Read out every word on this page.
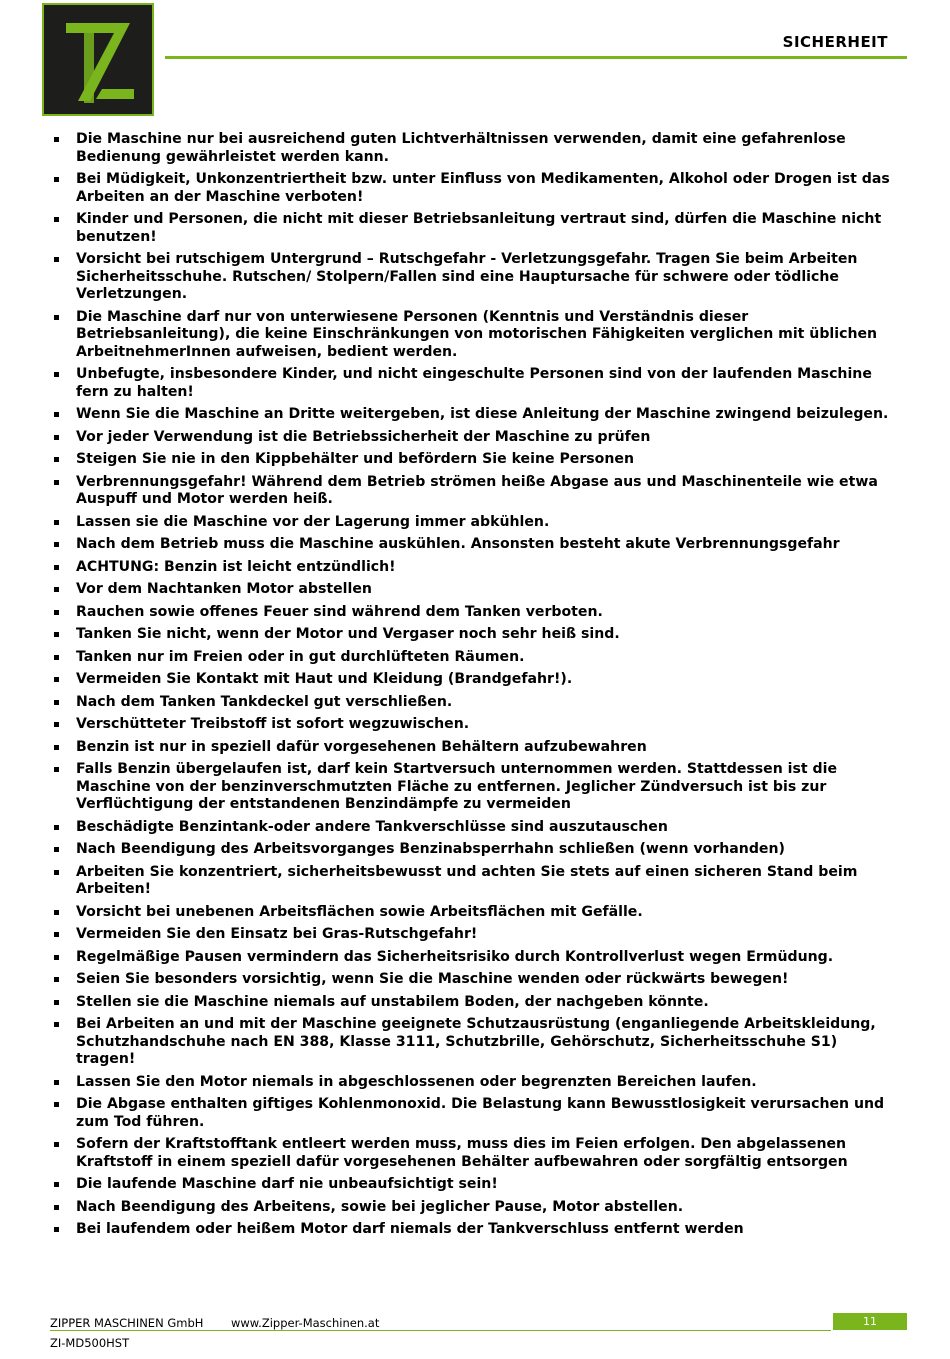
SICHERHEIT
Die Maschine nur bei ausreichend guten Lichtverhältnissen verwenden, damit eine gefahrenlose Bedienung gewährleistet werden kann.
Bei Müdigkeit, Unkonzentriertheit bzw. unter Einfluss von Medikamenten, Alkohol oder Drogen ist das Arbeiten an der Maschine verboten!
Kinder und Personen, die nicht mit dieser Betriebsanleitung vertraut sind, dürfen die Maschine nicht benutzen!
Vorsicht bei rutschigem Untergrund – Rutschgefahr - Verletzungsgefahr. Tragen Sie beim Arbeiten Sicherheitsschuhe. Rutschen/ Stolpern/Fallen sind eine Hauptursache für schwere oder tödliche Verletzungen.
Die Maschine darf nur von unterwiesene Personen (Kenntnis und Verständnis dieser Betriebsanleitung), die keine Einschränkungen von motorischen Fähigkeiten verglichen mit üblichen ArbeitnehmerInnen aufweisen, bedient werden.
Unbefugte, insbesondere Kinder, und nicht eingeschulte Personen sind von der laufenden Maschine fern zu halten!
Wenn Sie die Maschine an Dritte weitergeben, ist diese Anleitung der Maschine zwingend beizulegen.
Vor jeder Verwendung ist die Betriebssicherheit der Maschine zu prüfen
Steigen Sie nie in den Kippbehälter und befördern Sie keine Personen
Verbrennungsgefahr! Während dem Betrieb strömen heiße Abgase aus und Maschinenteile wie etwa Auspuff und Motor werden heiß.
Lassen sie die Maschine vor der Lagerung immer abkühlen.
Nach dem Betrieb muss die Maschine auskühlen. Ansonsten besteht akute Verbrennungsgefahr
ACHTUNG: Benzin ist leicht entzündlich!
Vor dem Nachtanken Motor abstellen
Rauchen sowie offenes Feuer sind während dem Tanken verboten.
Tanken Sie nicht, wenn der Motor und Vergaser noch sehr heiß sind.
Tanken nur im Freien oder in gut durchlüfteten Räumen.
Vermeiden Sie Kontakt mit Haut und Kleidung (Brandgefahr!).
Nach dem Tanken Tankdeckel gut verschließen.
Verschütteter Treibstoff ist sofort wegzuwischen.
Benzin ist nur in speziell dafür vorgesehenen Behältern aufzubewahren
Falls Benzin übergelaufen ist, darf kein Startversuch unternommen werden. Stattdessen ist die Maschine von der benzinverschmutzten Fläche zu entfernen. Jeglicher Zündversuch ist bis zur Verflüchtigung der entstandenen Benzindämpfe zu vermeiden
Beschädigte Benzintank-oder andere Tankverschlüsse sind auszutauschen
Nach Beendigung des Arbeitsvorganges Benzinabsperrhahn schließen (wenn vorhanden)
Arbeiten Sie konzentriert, sicherheitsbewusst und achten Sie stets auf einen sicheren Stand beim Arbeiten!
Vorsicht bei unebenen Arbeitsflächen sowie Arbeitsflächen mit Gefälle.
Vermeiden Sie den Einsatz bei Gras-Rutschgefahr!
Regelmäßige Pausen vermindern das Sicherheitsrisiko durch Kontrollverlust wegen Ermüdung.
Seien Sie besonders vorsichtig, wenn Sie die Maschine wenden oder rückwärts bewegen!
Stellen sie die Maschine niemals auf unstabilem Boden, der nachgeben könnte.
Bei Arbeiten an und mit der Maschine geeignete Schutzausrüstung (enganliegende Arbeitskleidung, Schutzhandschuhe nach EN 388, Klasse 3111, Schutzbrille, Gehörschutz, Sicherheitsschuhe S1) tragen!
Lassen Sie den Motor niemals in abgeschlossenen oder begrenzten Bereichen laufen.
Die Abgase enthalten giftiges Kohlenmonoxid. Die Belastung kann Bewusstlosigkeit verursachen und zum Tod führen.
Sofern der Kraftstofftank entleert werden muss, muss dies im Feien erfolgen. Den abgelassenen Kraftstoff in einem speziell dafür vorgesehenen Behälter aufbewahren oder sorgfältig entsorgen
Die laufende Maschine darf nie unbeaufsichtigt sein!
Nach Beendigung des Arbeitens, sowie bei jeglicher Pause, Motor abstellen.
Bei laufendem oder heißem Motor darf niemals der Tankverschluss entfernt werden
ZIPPER MASCHINEN GmbH www.Zipper-Maschinen.at	11
ZI-MD500HST
